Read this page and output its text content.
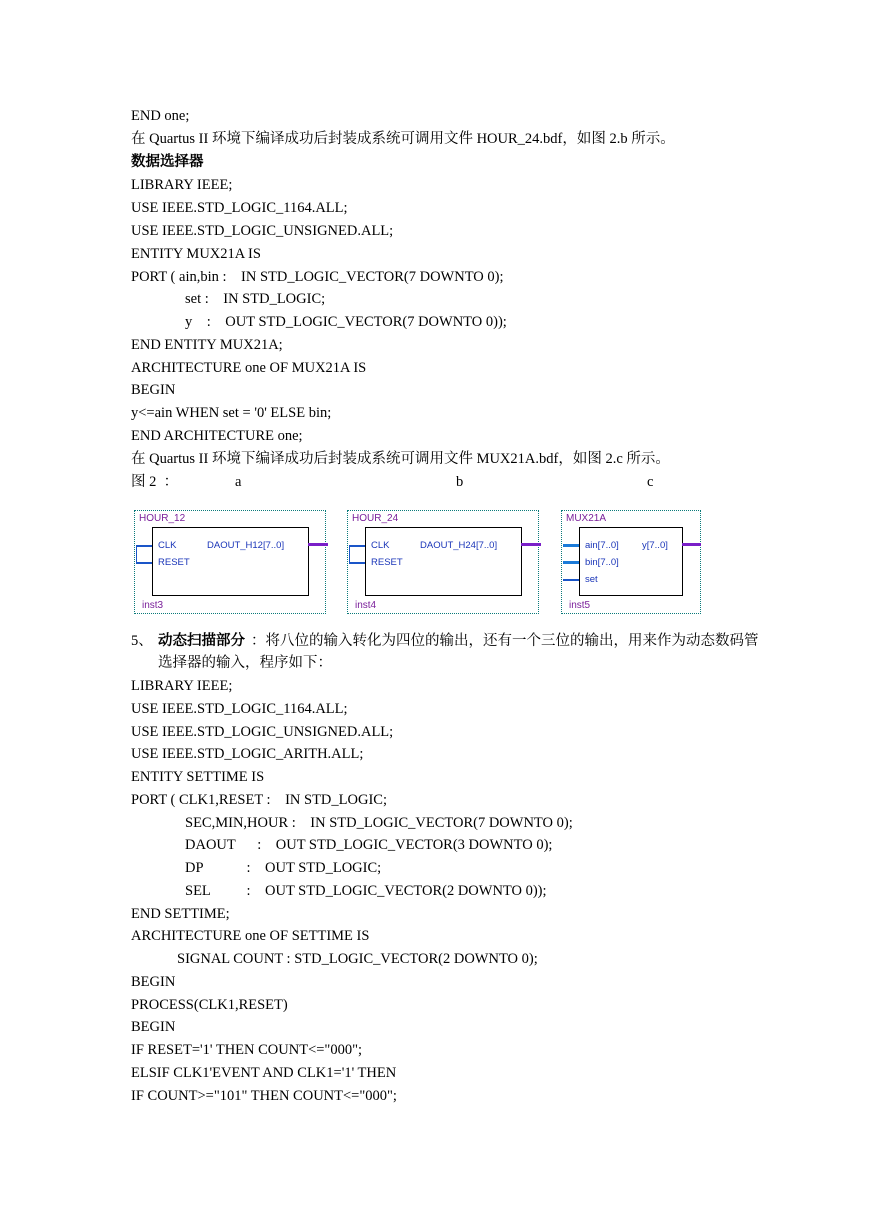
END one;
在 Quartus II 环境下编译成功后封装成系统可调用文件 HOUR_24.bdf，如图 2.b 所示。
数据选择器
LIBRARY IEEE;
USE IEEE.STD_LOGIC_1164.ALL;
USE IEEE.STD_LOGIC_UNSIGNED.ALL;
ENTITY MUX21A IS
PORT ( ain,bin :    IN STD_LOGIC_VECTOR(7 DOWNTO 0);
set :    IN STD_LOGIC;
y    :    OUT STD_LOGIC_VECTOR(7 DOWNTO 0));
END ENTITY MUX21A;
ARCHITECTURE one OF MUX21A IS
BEGIN
y<=ain WHEN set = '0' ELSE bin;
END ARCHITECTURE one;
在 Quartus II 环境下编译成功后封装成系统可调用文件 MUX21A.bdf，如图 2.c 所示。
图 2  ：	a	b	c
HOUR_12
CLK
RESET
DAOUT_H12[7..0]
inst3
HOUR_24
CLK
RESET
DAOUT_H24[7..0]
inst4
MUX21A
ain[7..0]
bin[7..0]
set
y[7..0]
inst5
5、 动态扫描部分 ：将八位的输入转化为四位的输出，还有一个三位的输出，用来作为动态数码管
选择器的输入，程序如下：
LIBRARY IEEE;
USE IEEE.STD_LOGIC_1164.ALL;
USE IEEE.STD_LOGIC_UNSIGNED.ALL;
USE IEEE.STD_LOGIC_ARITH.ALL;
ENTITY SETTIME IS
PORT ( CLK1,RESET :    IN STD_LOGIC;
SEC,MIN,HOUR :    IN STD_LOGIC_VECTOR(7 DOWNTO 0);
DAOUT      :    OUT STD_LOGIC_VECTOR(3 DOWNTO 0);
DP            :    OUT STD_LOGIC;
SEL          :    OUT STD_LOGIC_VECTOR(2 DOWNTO 0));
END SETTIME;
ARCHITECTURE one OF SETTIME IS
SIGNAL COUNT : STD_LOGIC_VECTOR(2 DOWNTO 0);
BEGIN
PROCESS(CLK1,RESET)
BEGIN
IF RESET='1' THEN COUNT<="000";
ELSIF CLK1'EVENT AND CLK1='1' THEN
IF COUNT>="101" THEN COUNT<="000";
